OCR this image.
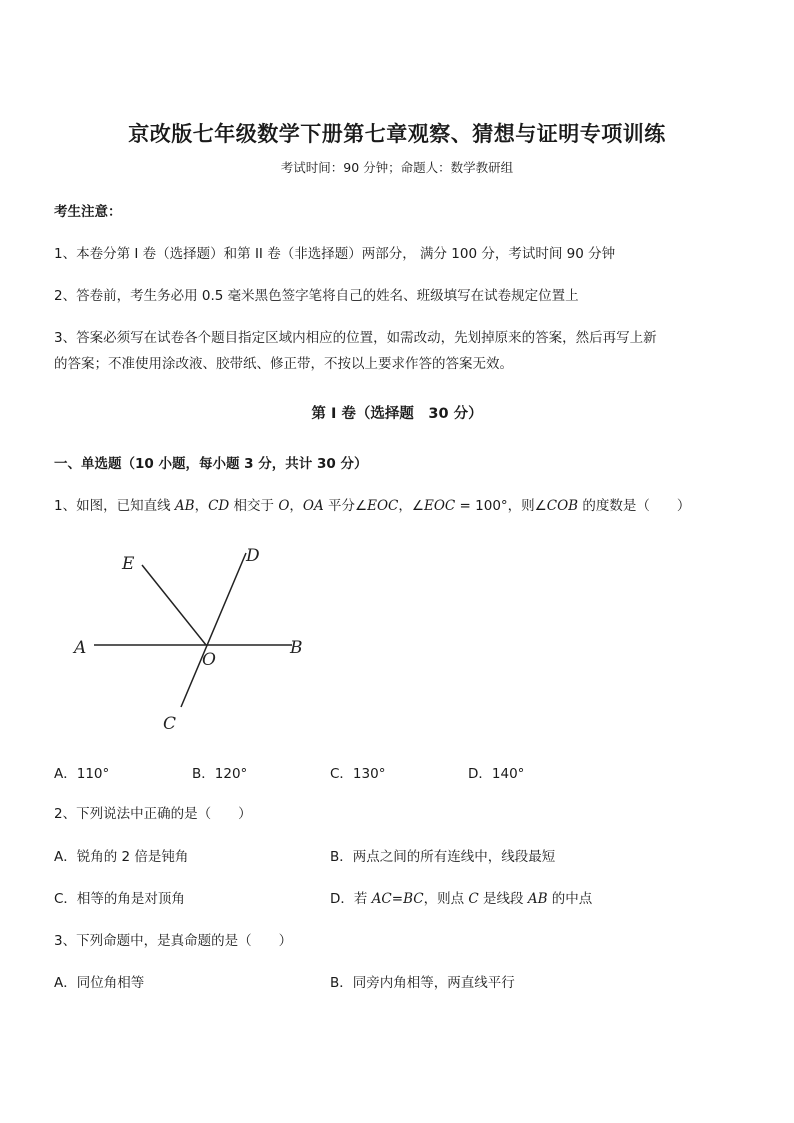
京改版七年级数学下册第七章观察、猜想与证明专项训练
考试时间：90 分钟；命题人：数学教研组
考生注意：
1、本卷分第 I 卷（选择题）和第 II 卷（非选择题）两部分， 满分 100 分，考试时间 90 分钟
2、答卷前，考生务必用 0.5 毫米黑色签字笔将自己的姓名、班级填写在试卷规定位置上
3、答案必须写在试卷各个题目指定区域内相应的位置，如需改动，先划掉原来的答案，然后再写上新
的答案；不准使用涂改液、胶带纸、修正带，不按以上要求作答的答案无效。
第 I 卷（选择题　30 分）
一、单选题（10 小题，每小题 3 分，共计 30 分）
1、如图，已知直线 AB，CD 相交于 O，OA 平分∠EOC，∠EOC = 100°，则∠COB 的度数是（　　）
E	D
A
O
B
C
A．110°	B．120°	C．130°	D．140°
2、下列说法中正确的是（　　）
A．锐角的 2 倍是钝角	B．两点之间的所有连线中，线段最短
C．相等的角是对顶角	D．若 AC=BC，则点 C 是线段 AB 的中点
3、下列命题中，是真命题的是（　　）
A．同位角相等	B．同旁内角相等，两直线平行
